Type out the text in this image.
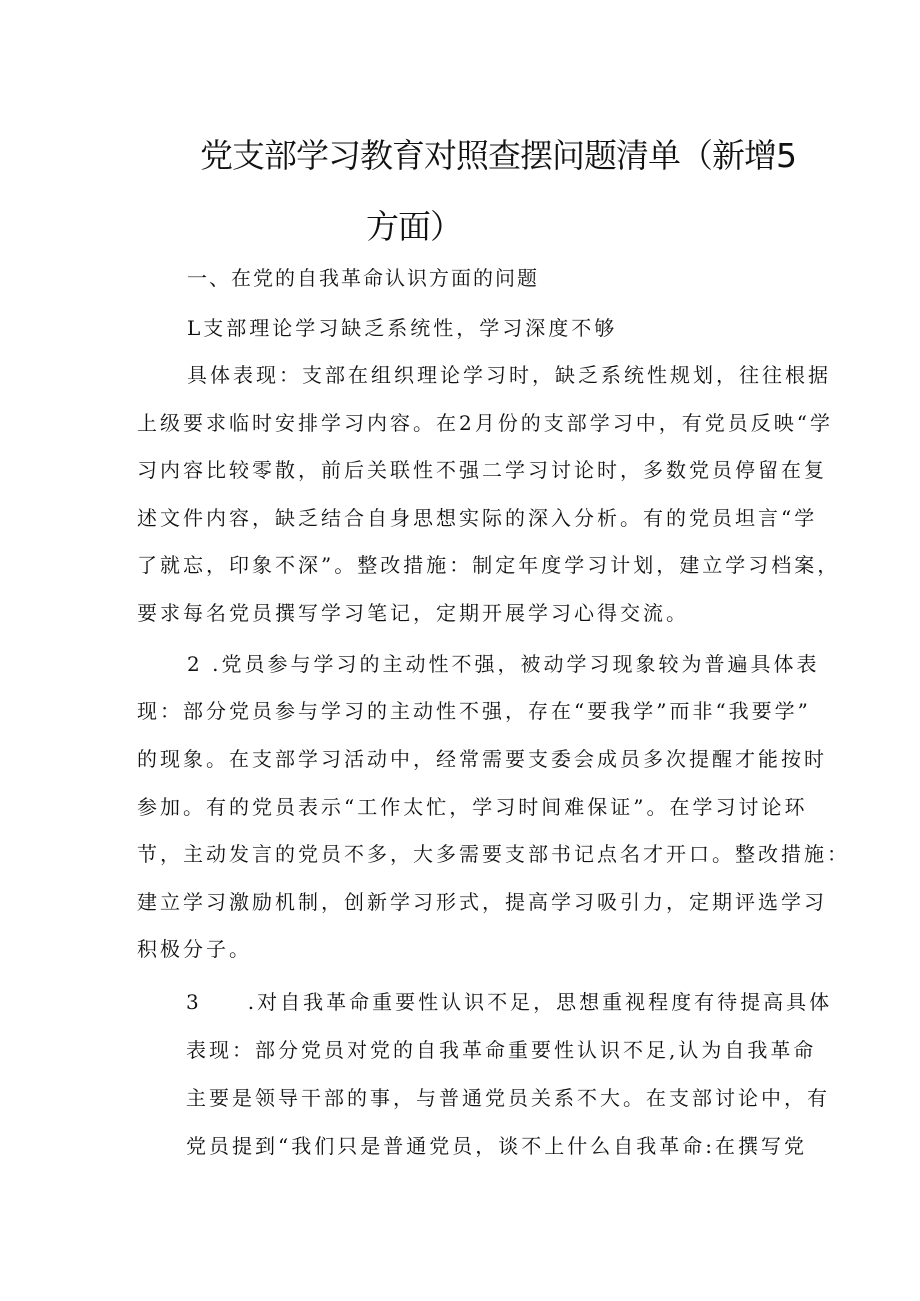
党支部学习教育对照查摆问题清单（新增5
方面）
一、在党的自我革命认识方面的问题
L支部理论学习缺乏系统性，学习深度不够
具体表现：支部在组织理论学习时，缺乏系统性规划，往往根据
上级要求临时安排学习内容。在2月份的支部学习中，有党员反映“学
习内容比较零散，前后关联性不强二学习讨论时，多数党员停留在复
述文件内容，缺乏结合自身思想实际的深入分析。有的党员坦言“学
了就忘，印象不深”。整改措施：制定年度学习计划，建立学习档案，
要求每名党员撰写学习笔记，定期开展学习心得交流。
2 .党员参与学习的主动性不强，被动学习现象较为普遍具体表
现：部分党员参与学习的主动性不强，存在“要我学”而非“我要学”
的现象。在支部学习活动中，经常需要支委会成员多次提醒才能按时
参加。有的党员表示“工作太忙，学习时间难保证”。在学习讨论环
节，主动发言的党员不多，大多需要支部书记点名才开口。整改措施：
建立学习激励机制，创新学习形式，提高学习吸引力，定期评选学习
积极分子。
3　　.对自我革命重要性认识不足，思想重视程度有待提高具体
表现：部分党员对党的自我革命重要性认识不足,认为自我革命
主要是领导干部的事，与普通党员关系不大。在支部讨论中，有
党员提到“我们只是普通党员，谈不上什么自我革命:在撰写党
